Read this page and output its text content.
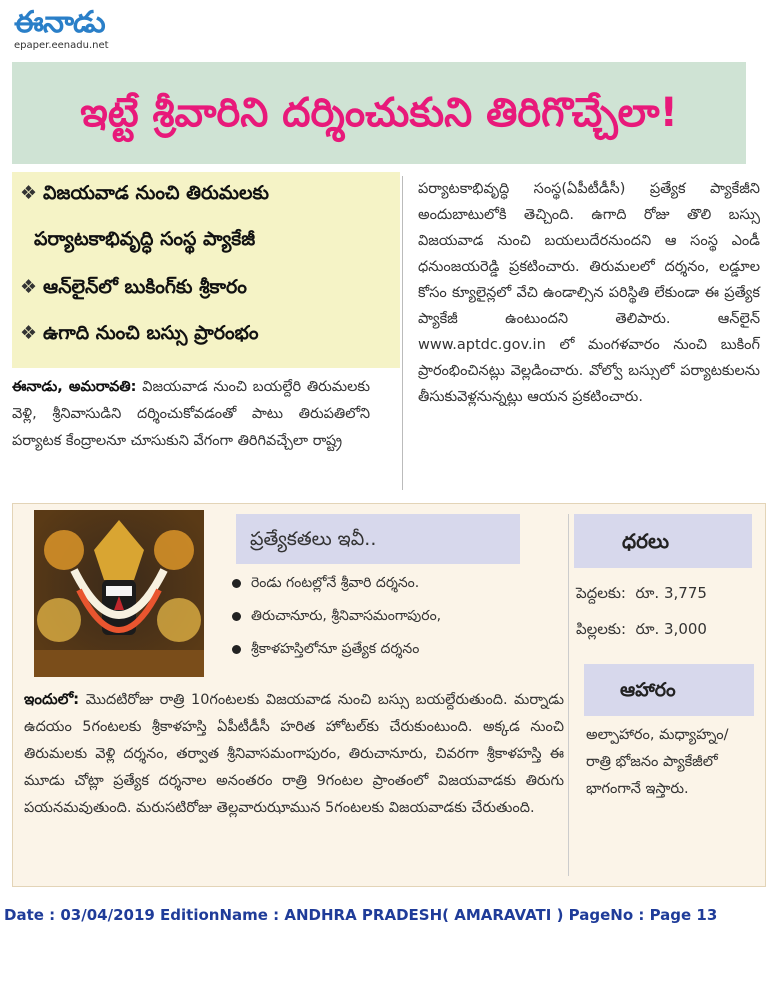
ఈనాడు
epaper.eenadu.net
ఇట్టే శ్రీవారిని దర్శించుకుని తిరిగొచ్చేలా!
❖ విజయవాడ నుంచి తిరుమలకు
పర్యాటకాభివృద్ధి సంస్థ ప్యాకేజీ
❖ ఆన్‌లైన్‌లో బుకింగ్‌కు శ్రీకారం
❖ ఉగాది నుంచి బస్సు ప్రారంభం

పర్యాటకాభివృద్ధి సంస్థ(ఏపీటీడీసీ) ప్రత్యేక ప్యాకేజీని అందుబాటులోకి తెచ్చింది. ఉగాది రోజు తొలి బస్సు విజయవాడ నుంచి బయలుదేరనుందని ఆ సంస్థ ఎండీ ధనుంజయరెడ్డి ప్రకటించారు. తిరుమలలో దర్శనం, లడ్డూల కోసం క్యూలైన్లలో వేచి ఉండాల్సిన పరిస్థితి లేకుండా ఈ ప్రత్యేక ప్యాకేజీ ఉంటుందని తెలిపారు. ఆన్‌లైన్ www.aptdc.gov.in లో మంగళవారం నుంచి బుకింగ్ ప్రారంభించినట్లు వెల్లడించారు. వోల్వో బస్సులో పర్యాటకులను తీసుకువెళ్లనున్నట్లు ఆయన ప్రకటించారు.

ఈనాడు, అమరావతి: విజయవాడ నుంచి బయల్దేరి తిరుమలకు వెళ్లి, శ్రీనివాసుడిని దర్శించుకోవడంతో పాటు తిరుపతిలోని పర్యాటక కేంద్రాలనూ చూసుకుని వేగంగా తిరిగివచ్చేలా రాష్ట్ర
ప్రత్యేకతలు ఇవీ..
రెండు గంటల్లోనే శ్రీవారి దర్శనం.
తిరుచానూరు, శ్రీనివాసమంగాపురం,
శ్రీకాళహస్తిలోనూ ప్రత్యేక దర్శనం
ధరలు
పెద్దలకు: రూ. 3,775
పిల్లలకు: రూ. 3,000
ఆహారం
అల్పాహారం, మధ్యాహ్నం/ రాత్రి భోజనం ప్యాకేజీలో భాగంగానే ఇస్తారు.
ఇందులో: మొదటిరోజు రాత్రి 10గంటలకు విజయవాడ నుంచి బస్సు బయల్దేరుతుంది. మర్నాడు ఉదయం 5గంటలకు శ్రీకాళహస్తి ఏపీటీడీసీ హరిత హోటల్‌కు చేరుకుంటుంది. అక్కడ నుంచి తిరుమలకు వెళ్లి దర్శనం, తర్వాత శ్రీనివాసమంగాపురం, తిరుచానూరు, చివరగా శ్రీకాళహస్తి ఈ మూడు చోట్లా ప్రత్యేక దర్శనాల అనంతరం రాత్రి 9గంటల ప్రాంతంలో విజయవాడకు తిరుగు పయనమవుతుంది. మరుసటిరోజు తెల్లవారుఝామున 5గంటలకు విజయవాడకు చేరుతుంది.
Date : 03/04/2019 EditionName : ANDHRA PRADESH( AMARAVATI ) PageNo : Page 13
